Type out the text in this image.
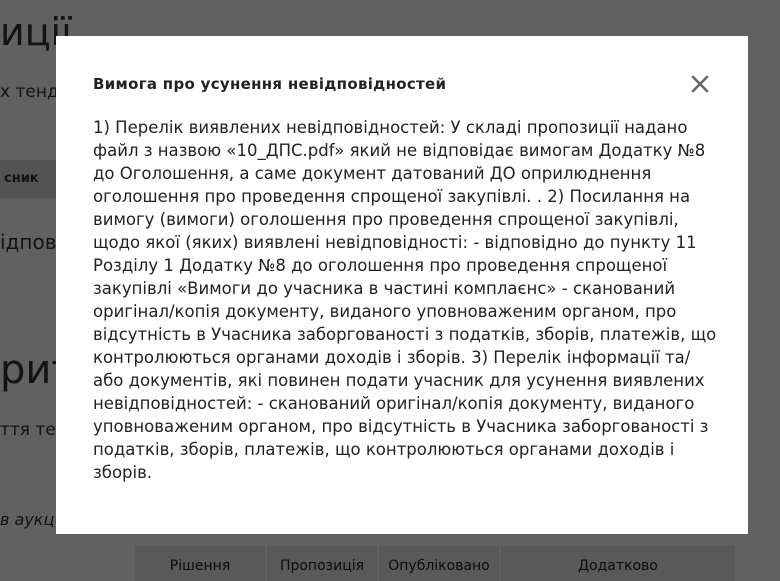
Вимога про усунення невідповідностей
1) Перелік виявлених невідповідностей: У складі пропозиції надано файл з назвою «10_ДПС.pdf» який не відповідає вимогам Додатку №8 до Оголошення, а саме документ датований ДО оприлюднення оголошення про проведення спрощеної закупівлі. . 2) Посилання на вимогу (вимоги) оголошення про проведення спрощеної закупівлі, щодо якої (яких) виявлені невідповідності: - відповідно до пункту 11 Розділу 1 Додатку №8 до оголошення про проведення спрощеної закупівлі «Вимоги до учасника в частині комплаєнс» - сканований оригінал/копія документу, виданого уповноваженим органом, про відсутність в Учасника заборгованості з податків, зборів, платежів, що контролюються органами доходів і зборів. 3) Перелік інформації та/або документів, які повинен подати учасник для усунення виявлених невідповідностей: - сканований оригінал/копія документу, виданого уповноваженим органом, про відсутність в Учасника заборгованості з податків, зборів, платежів, що контролюються органами доходів і зборів.
